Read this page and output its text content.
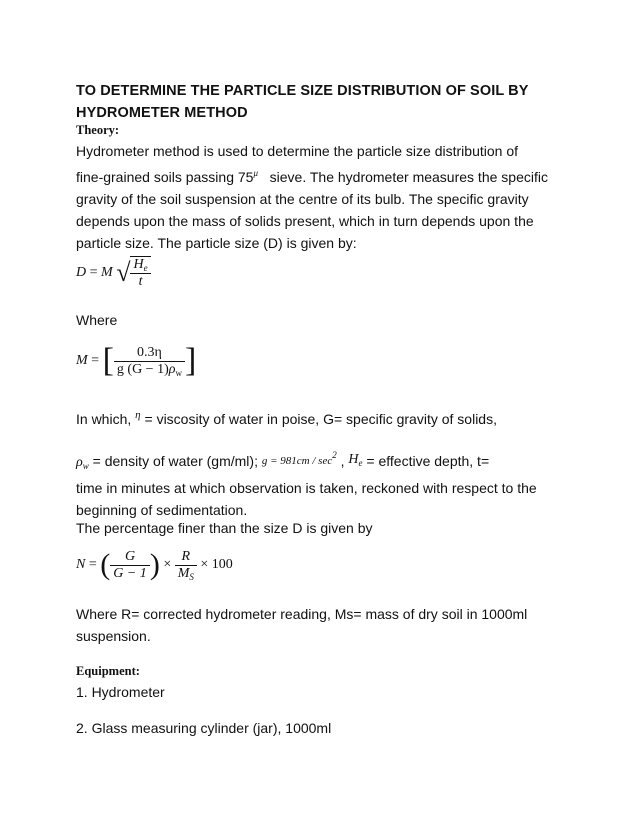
TO DETERMINE THE PARTICLE SIZE DISTRIBUTION OF SOIL BY
HYDROMETER METHOD
Theory:
Hydrometer method is used to determine the particle size distribution of
fine-grained soils passing $75^\mu$ sieve. The hydrometer measures the specific
gravity of the soil suspension at the centre of its bulb. The specific gravity
depends upon the mass of solids present, which in turn depends upon the
particle size. The particle size (D) is given by:
D = M √ $\frac{H_e}{t}$
Where
M = [ $\frac{0.3\eta}{g (G - 1)\rho_w}$ ]
In which, $^\eta$ = viscosity of water in poise, G= specific gravity of solids,
$\rho_w$ = density of water (gm/ml); $g = 981cm / \sec^2$ , $H_e$ = effective depth, t=
time in minutes at which observation is taken, reckoned with respect to the
beginning of sedimentation.
The percentage finer than the size D is given by
N = ( $\frac{G}{G - 1}$ ) × $\frac{R}{M_S} \times 100$
Where R= corrected hydrometer reading, Ms= mass of dry soil in 1000ml
suspension.
Equipment:
1. Hydrometer
2. Glass measuring cylinder (jar), 1000ml
